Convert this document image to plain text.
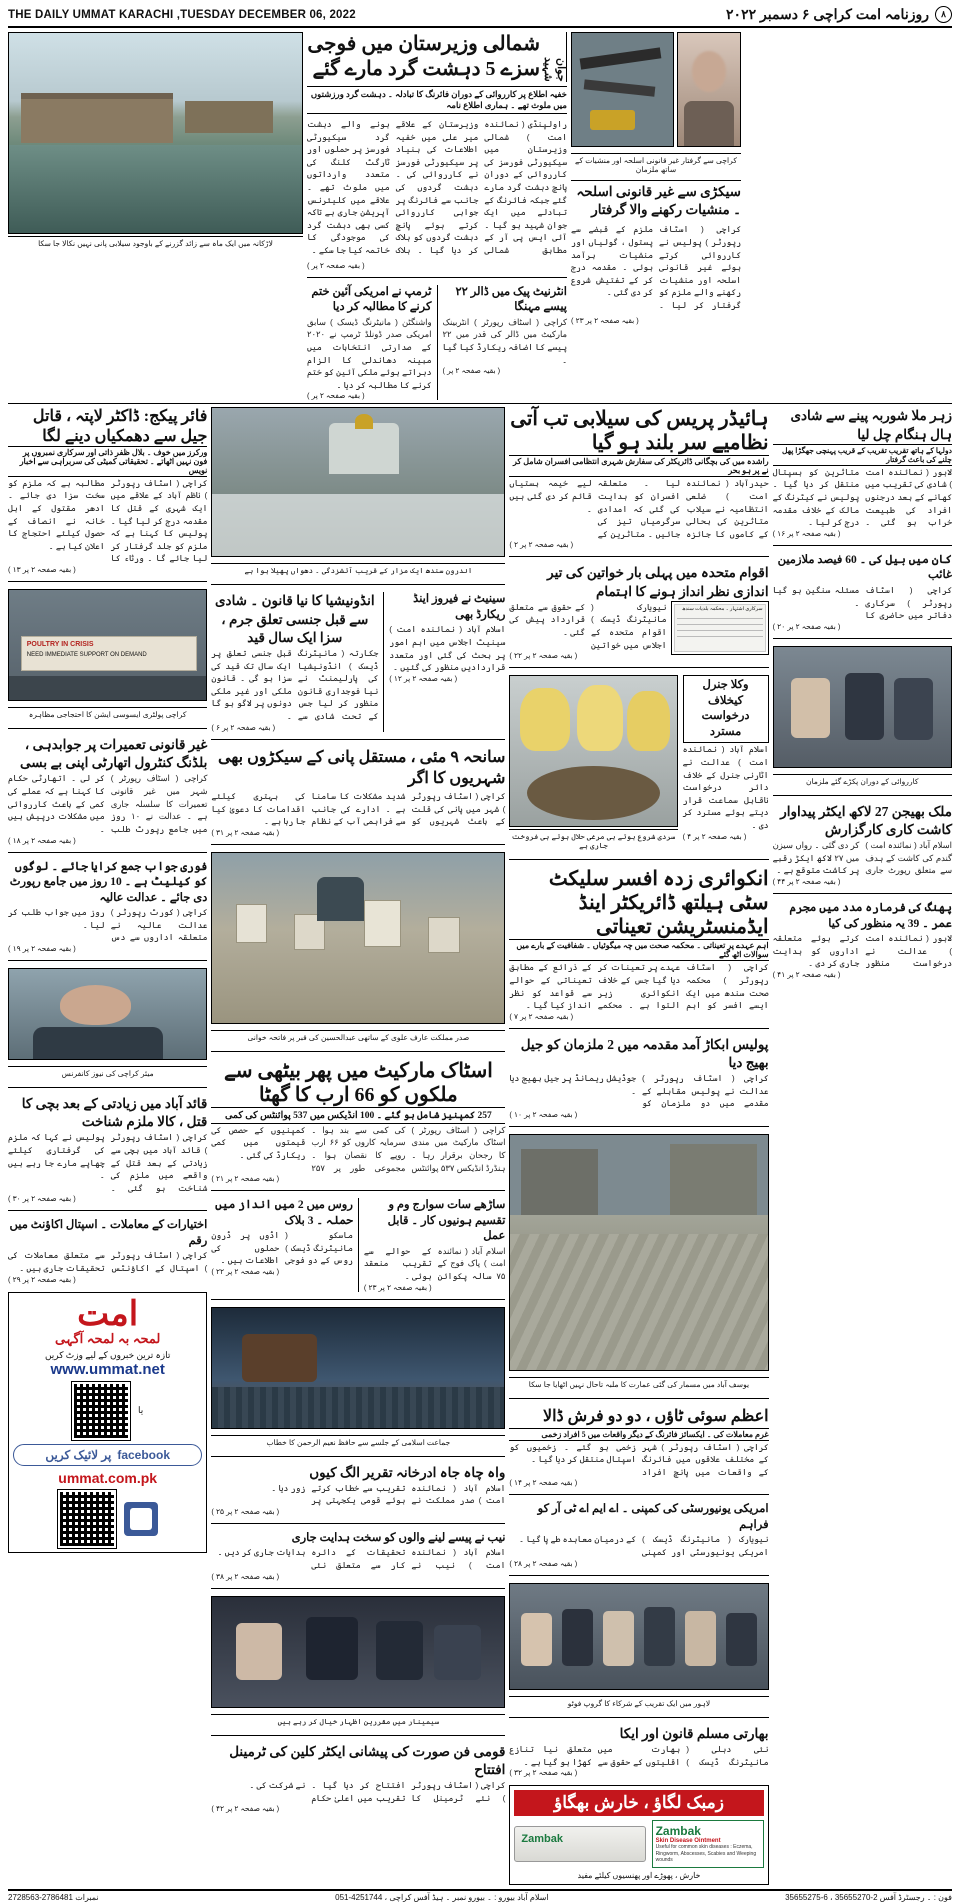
THE DAILY UMMAT KARACHI ,TUESDAY DECEMBER 06, 2022	۸
روزنامہ امت کراچی ۶ دسمبر ۲۰۲۲
لاڑکانہ میں ایک ماہ سے زائد گزرنے کے باوجود سیلابی پانی نہیں نکالا جا سکا
شمالی وزیرستان میں فوجی سزے 5 دہشت گرد مارے گئے	جوان شہید
خفیہ اطلاع پر کارروائی کے دوران فائرنگ کا تبادلہ ۔ دہشت گرد ورزشتوں میں ملوث تھے ۔ ہماری اطلاع نامہ
راولپنڈی ( نمائندہ امت ) شمالی وزیرستان میں سیکیورٹی فورسز کی کارروائی کے دوران پانچ دہشت گرد مارے گئے جبکہ فائرنگ کے تبادلے میں ایک جوان شہید ہو گیا ۔ آئی ایس پی آر کے مطابق شمالی وزیرستان کے علاقے میر علی میں خفیہ اطلاعات کی بنیاد پر سیکیورٹی فورسز نے کارروائی کی ۔ دہشت گردوں کی جانب سے فائرنگ پر جوابی کارروائی کرتے ہوئے پانچ دہشت گردوں کو ہلاک کر دیا گیا ۔ ہلاک ہونے والے دہشت گرد سیکیورٹی فورسز پر حملوں اور ٹارگٹ کلنگ کی متعدد وارداتوں میں ملوث تھے ۔ علاقے میں کلیئرنس آپریشن جاری ہے تاکہ کسی بھی دہشت گرد کی موجودگی کا خاتمہ کیا جا سکے ۔
( بقیہ صفحہ ۲ پر )
ٹرمپ نے امریکی آئین ختم کرنے کا مطالبہ کر دیا
واشنگٹن ( مانیٹرنگ ڈیسک ) سابق امریکی صدر ڈونلڈ ٹرمپ نے ۲۰۲۰ کے صدارتی انتخابات میں مبینہ دھاندلی کا الزام دہراتے ہوئے ملکی آئین کو ختم کرنے کا مطالبہ کر دیا ۔
( بقیہ صفحہ ۲ پر )
انٹرنیٹ پیک میں ڈالر ۲۲ پیسے مہنگا
کراچی ( اسٹاف رپورٹر ) انٹربینک مارکیٹ میں ڈالر کی قدر میں ۲۲ پیسے کا اضافہ ریکارڈ کیا گیا ۔
( بقیہ صفحہ ۲ پر )
کراچی سے گرفتار غیر قانونی اسلحہ اور منشیات کے ساتھ ملزمان
سیکڑی سے غیر قانونی اسلحہ ۔ منشیات رکھنے والا گرفتار
کراچی ( اسٹاف رپورٹر ) پولیس نے کارروائی کرتے ہوئے غیر قانونی اسلحہ اور منشیات رکھنے والے ملزم کو گرفتار کر لیا ۔ ملزم کے قبضے سے پستول ، گولیاں اور منشیات برآمد ہوئی ۔ مقدمہ درج کر کے تفتیش شروع کر دی گئی ۔
( بقیہ صفحہ ۲ پر ۲۳ )
فائر پیکج: ڈاکٹر لاپتہ ، قاتل جیل سے دھمکیاں دینے لگا
ورکرز میں خوف ۔ بلال ظفر ذاتی اور سرکاری نمبروں پر فون نہیں اٹھاتے ۔ تحقیقاتی کمیٹی کی سربراہی سے اخبار نویس
کراچی ( اسٹاف رپورٹر ) ناظم آباد کے علاقے میں ایک شہری کے قتل کا مقدمہ درج کر لیا گیا ۔ پولیس کا کہنا ہے کہ ملزم کو جلد گرفتار کر لیا جائے گا ۔ ورثاء کا مطالبہ ہے کہ ملزم کو سخت سزا دی جائے ۔ ادھر مقتول کے اہل خانہ نے انصاف کے حصول کیلئے احتجاج کا اعلان کیا ہے ۔
( بقیہ صفحہ ۲ پر ۱۳ )
POULTRY IN CRISIS
NEED IMMEDIATE SUPPORT ON DEMAND
کراچی پولٹری ایسوسی ایشن کا احتجاجی مظاہرہ
غیر قانونی تعمیرات پر جوابدہی ، بلڈنگ کنٹرول اتھارٹی اپنی بے بسی
کراچی ( اسٹاف رپورٹر ) شہر میں غیر قانونی تعمیرات کا سلسلہ جاری ہے ۔ عدالت نے ۱۰ روز میں جامع رپورٹ طلب کر لی ۔ اتھارٹی حکام کا کہنا ہے کہ عملے کی کمی کے باعث کارروائی میں مشکلات درپیش ہیں ۔
( بقیہ صفحہ ۲ پر ۱۸ )
فوری جواب جمع کرایا جائے ۔ لوگوں کو کیلیٹ ہے ۔ 10 روز میں جامع رپورٹ دی جائے ۔ عدالت عالیہ
کراچی ( کورٹ رپورٹر ) عدالت عالیہ نے متعلقہ اداروں سے دس روز میں جواب طلب کر لیا ۔
( بقیہ صفحہ ۲ پر ۱۹ )
میئر کراچی کی نیوز کانفرنس
قائد آباد میں زیادتی کے بعد بچی کا قتل ، کالا ملزم شناخت
کراچی ( اسٹاف رپورٹر ) قائد آباد میں بچی سے زیادتی کے بعد قتل کے واقعے میں ملزم کی شناخت ہو گئی ۔ پولیس نے کہا کہ ملزم کی گرفتاری کیلئے چھاپے مارے جا رہے ہیں ۔
( بقیہ صفحہ ۲ پر ۳۰ )
اختیارات کے معاملات ۔ اسپتال اکاؤنٹ میں رقم
کراچی ( اسٹاف رپورٹر ) اسپتال کے اکاؤنٹس سے متعلق معاملات کی تحقیقات جاری ہیں ۔
( بقیہ صفحہ ۲ پر ۲۹ )
امت
لمحہ بہ لمحہ آگہی
تازہ ترین خبروں کے لیے وزٹ کریں
www.ummat.net
یا
facebook
پر لائیک کریں
ummat.com.pk
اندرون سندھ ایک مزار کے قریب آتشزدگی ۔ دھواں پھیلا ہوا ہے
انڈونیشیا کا نیا قانون ۔ شادی سے قبل جنسی تعلق جرم ، سزا ایک سال قید
جکارتہ ( مانیٹرنگ ڈیسک ) انڈونیشیا کی پارلیمنٹ نے نیا فوجداری قانون منظور کر لیا جس کے تحت شادی سے قبل جنسی تعلق پر ایک سال تک قید کی سزا ہو گی ۔ قانون ملکی اور غیر ملکی دونوں پر لاگو ہو گا ۔
( بقیہ صفحہ ۲ پر ۶ )
سینیٹ نے فیروز اینڈ ریکارڈ بھی
اسلام آباد ( نمائندہ امت ) سینیٹ اجلاس میں اہم امور پر بحث کی گئی اور متعدد قراردادیں منظور کی گئیں ۔
( بقیہ صفحہ ۲ پر ۱۲ )
سانحہ ۹ مئی ، مستقل پانی کے سیکڑوں بھی شہریوں کا اگر
کراچی ( اسٹاف رپورٹر ) شہر میں پانی کی قلت کے باعث شہریوں کو شدید مشکلات کا سامنا ہے ۔ ادارے کی جانب سے فراہمی آب کے نظام کی بہتری کیلئے اقدامات کا دعویٰ کیا جا رہا ہے ۔
( بقیہ صفحہ ۲ پر ۳۱ )
صدر مملکت عارف علوی کے ساتھی عبدالحسین کی قبر پر فاتحہ خوانی
اسٹاک مارکیٹ میں پھر بیٹھی سے ملکوں کو 66 ارب کا گھٹا
257 کمپنیز شامل ہو گئے ۔ 100 انڈیکس میں 537 پوائنٹس کی کمی
کراچی ( اسٹاف رپورٹر ) اسٹاک مارکیٹ میں مندی کا رجحان برقرار رہا ۔ ہنڈرڈ انڈیکس ۵۳۷ پوائنٹس کی کمی سے بند ہوا ۔ سرمایہ کاروں کو ۶۶ ارب روپے کا نقصان ہوا ۔ مجموعی طور پر ۲۵۷ کمپنیوں کے حصص کی قیمتوں میں کمی ریکارڈ کی گئی ۔
( بقیہ صفحہ ۲ پر ۲۱ )
روس میں 2 میں انداز میں حملہ ۔ 3 بلاک
ماسکو ( مانیٹرنگ ڈیسک ) روس کے دو فوجی اڈوں پر ڈرون حملوں کی اطلاعات ہیں ۔
( بقیہ صفحہ ۲ پر ۲۲ )
ساڑھے سات سوارج وم و تقسیم ہونیوں کار ۔ قابل عمل
اسلام آباد ( نمائندہ امت ) پاک فوج کے ۷۵ سالہ پکوائن کے حوالے سے تقریب منعقد ہوئی ۔
( بقیہ صفحہ ۲ پر ۲۳ )
جماعت اسلامی کے جلسے سے حافظ نعیم الرحمن کا خطاب
واہ چاہ جاہ ادرخانہ تقریر الگ کیوں
اسلام آباد ( نمائندہ امت ) صدر مملکت نے تقریب سے خطاب کرتے ہوئے قومی یکجہتی پر زور دیا ۔
( بقیہ صفحہ ۲ پر ۲۵ )
نیب نے پیسے لینے والوں کو سخت ہدایت جاری
اسلام آباد ( نمائندہ امت ) نیب نے تحقیقات کے دائرہ کار سے متعلق نئی ہدایات جاری کر دیں ۔
( بقیہ صفحہ ۲ پر ۳۸ )
سیمینار میں مقررین اظہار خیال کر رہے ہیں
قومی فن صورت کی پیشانی ایکٹر کلین کی ٹرمینل افتتاح
کراچی ( اسٹاف رپورٹر ) نئے ٹرمینل کا افتتاح کر دیا گیا ۔ تقریب میں اعلیٰ حکام نے شرکت کی ۔
( بقیہ صفحہ ۲ پر ۴۲ )
ہائیڈر پریس کی سیلابی تب آتی نظامیے سر بلند ہو گیا
راشدہ میں کی بچگانی ڈائریکٹر کی سفارش شہری انتظامی افسران شامل کر نے پر ہو بحر
حیدرآباد ( نمائندہ امت ) ضلعی انتظامیہ نے سیلاب متاثرین کی بحالی کے کاموں کا جائزہ لیا ۔ متعلقہ افسران کو ہدایت کی گئی کہ امدادی سرگرمیاں تیز کی جائیں ۔ متاثرین کے لیے خیمہ بستیاں قائم کر دی گئی ہیں ۔
( بقیہ صفحہ ۲ پر ۲ )
اقوام متحدہ میں پہلی بار خواتین کی تیر اندازی نظر انداز ہونے کا اہتمام
نیویارک ( مانیٹرنگ ڈیسک ) اقوام متحدہ کے اجلاس میں خواتین کے حقوق سے متعلق قرارداد پیش کی گئی ۔
( بقیہ صفحہ ۲ پر ۲۲ )
سرکاری اشتہار ۔ محکمہ بلدیات سندھ
سردی شروع ہوتے ہی مرغی حلال ہوتے ہی فروخت جاری ہے
وکلا جنرل کیخلاف درخواست مسترد
اسلام آباد ( نمائندہ امت ) عدالت نے اٹارنی جنرل کے خلاف دائر درخواست ناقابل سماعت قرار دیتے ہوئے مسترد کر دی ۔
( بقیہ صفحہ ۲ پر ۴ )
انکوائری زدہ افسر سلیکٹ سٹی ہیلتھ ڈائریکٹر اینڈ ایڈمنسٹریشن تعیناتی
اہم عہدے پر تعیناتی ۔ محکمہ صحت میں چہ میگوئیاں ۔ شفافیت کے بارے میں سوالات اٹھ گئے
کراچی ( اسٹاف رپورٹر ) محکمہ صحت سندھ میں ایک ایسے افسر کو اہم عہدے پر تعینات کر دیا گیا جس کے خلاف انکوائری زیر التوا ہے ۔ محکمے کے ذرائع کے مطابق تعیناتی کے حوالے سے قواعد کو نظر انداز کیا گیا ۔
( بقیہ صفحہ ۲ پر ۷ )
پولیس ابکاڑ آمد مقدمہ میں 2 ملزمان کو جیل بھیج دیا
کراچی ( اسٹاف رپورٹر ) عدالت نے پولیس مقابلے کے مقدمے میں دو ملزمان کو جوڈیشل ریمانڈ پر جیل بھیج دیا ۔
( بقیہ صفحہ ۲ پر ۱۰ )
یوسف آباد میں مسمار کی گئی عمارت کا ملبہ تاحال نہیں اٹھایا جا سکا
اعظم سوئی ٹاؤں ، دو دو فرش ڈالا
غرم معاملات کی ۔ ایکسائز فائرنگ کے دیگر واقعات میں 5 افراد زخمی
کراچی ( اسٹاف رپورٹر ) شہر کے مختلف علاقوں میں فائرنگ کے واقعات میں پانچ افراد زخمی ہو گئے ۔ زخمیوں کو اسپتال منتقل کر دیا گیا ۔
( بقیہ صفحہ ۲ پر ۱۴ )
امریکی یونیورسٹی کی کمپنی ۔ اے ایم اے ٹی آر کو فراہم
نیویارک ( مانیٹرنگ ڈیسک ) امریکی یونیورسٹی اور کمپنی کے درمیان معاہدہ طے پا گیا ۔
( بقیہ صفحہ ۲ پر ۲۸ )
لاہور میں ایک تقریب کے شرکاء کا گروپ فوٹو
بھارتی مسلم قانون اور ایکا
نئی دہلی ( مانیٹرنگ ڈیسک ) بھارت میں اقلیتوں کے حقوق سے متعلق نیا تنازع کھڑا ہو گیا ہے ۔
( بقیہ صفحہ ۲ پر ۳۲ )
زمبک لگاؤ ، خارش بھگاؤ
Zambak
Zambak
Skin Disease Ointment
Useful for common skin diseases : Eczema, Ringworm, Abscesses, Scabies and Weeping wounds
خارش ، پھوڑے اور پھنسیوں کیلئے مفید
زہر ملا شوربہ پینے سے شادی ہال ہنگام چل لیا
دولہا کے ہاتھ تقریب تقریب کے قریب پہنچی جھگڑا پھل چلنے کی باعث گرفتار
لاہور ( نمائندہ امت ) شادی کی تقریب میں کھانے کے بعد درجنوں افراد کی طبیعت خراب ہو گئی ۔ متاثرین کو ہسپتال منتقل کر دیا گیا ۔ پولیس نے کیٹرنگ کے مالک کے خلاف مقدمہ درج کر لیا ۔
( بقیہ صفحہ ۲ پر ۱۶ )
کان میں بیل کی ۔ 60 فیصد ملازمین غائب
کراچی ( اسٹاف رپورٹر ) سرکاری دفاتر میں حاضری کا مسئلہ سنگین ہو گیا ۔
( بقیہ صفحہ ۲ پر ۲۰ )
کارروائی کے دوران پکڑے گئے ملزمان
ملک بھیجن 27 لاکھ ایکٹر پیداوار کاشت کاری کارگزارش
اسلام آباد ( نمائندہ امت ) گندم کی کاشت کے ہدف سے متعلق رپورٹ جاری کر دی گئی ۔ رواں سیزن میں ۲۷ لاکھ ایکڑ رقبے پر کاشت متوقع ہے ۔
( بقیہ صفحہ ۲ پر ۴۴ )
پھنگ کی فرمارہ مدد میں مجرم عمر ۔ 39 یہ منظور کی کیا
لاہور ( نمائندہ امت ) عدالت نے درخواست منظور کرتے ہوئے متعلقہ اداروں کو ہدایت جاری کر دی ۔
( بقیہ صفحہ ۲ پر ۴۱ )
2728563-2786481 نمبرات	051-4251744 ، اسلام آباد بیورو : ۔ بیورو نمبر ۔ ہیڈ آفس کراچی	35655275-6 ، 35655270-2 فون : ۔ رجسٹرڈ آفس
